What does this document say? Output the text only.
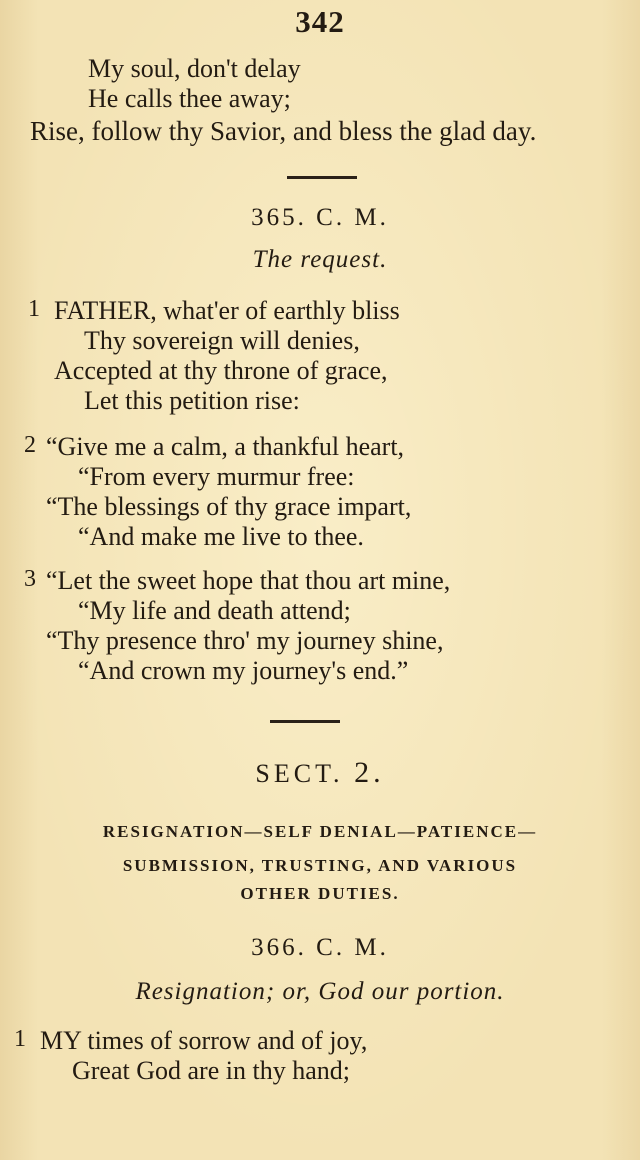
342
My soul, don't delay
He calls thee away;
Rise, follow thy Savior, and bless the glad day.
365. C. M.
The request.
1 FATHER, what'er of earthly bliss
Thy sovereign will denies,
Accepted at thy throne of grace,
Let this petition rise:
2 “Give me a calm, a thankful heart,
“From every murmur free:
“The blessings of thy grace impart,
“And make me live to thee.
3 “Let the sweet hope that thou art mine,
“My life and death attend;
“Thy presence thro' my journey shine,
“And crown my journey's end.”
SECT. 2.
RESIGNATION—SELF DENIAL—PATIENCE—
SUBMISSION, TRUSTING, AND VARIOUS
OTHER DUTIES.
366. C. M.
Resignation; or, God our portion.
1 MY times of sorrow and of joy,
Great God are in thy hand;
